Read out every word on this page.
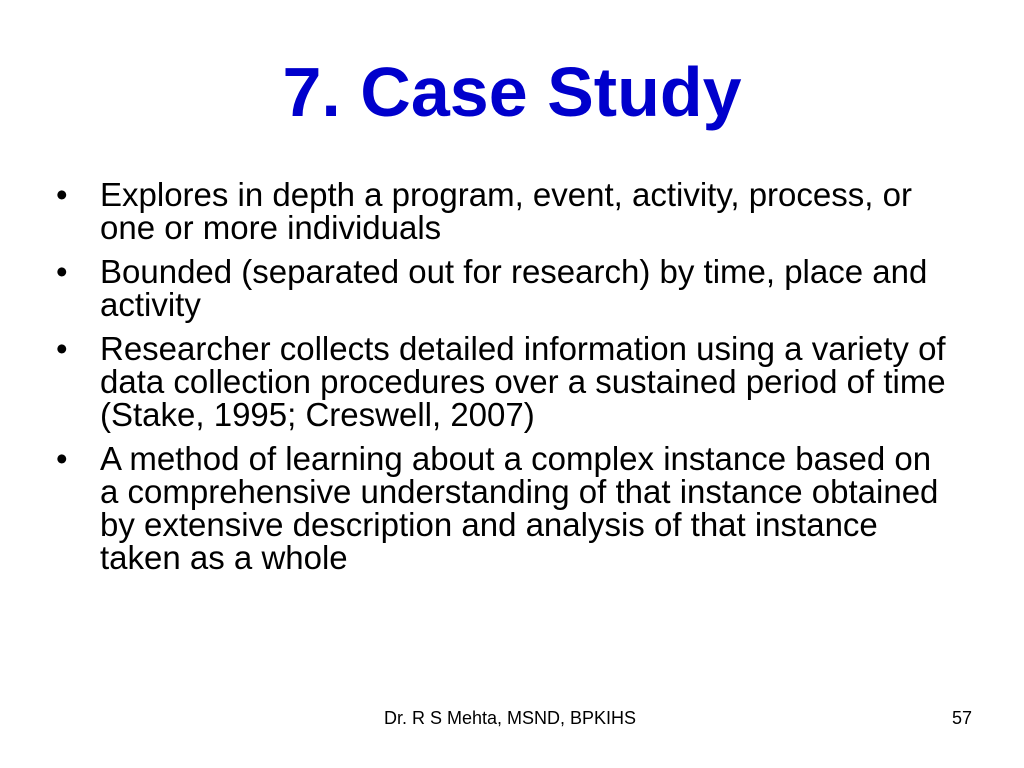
7. Case Study
• Explores in depth a program, event, activity, process, or one or more individuals
• Bounded (separated out for research) by time, place and activity
• Researcher collects detailed information using a variety of data collection procedures over a sustained period of time (Stake, 1995; Creswell, 2007)
• A method of learning about a complex instance based on a comprehensive understanding of that instance obtained by extensive description and analysis of that instance taken as a whole
Dr. R S Mehta, MSND, BPKIHS	57
